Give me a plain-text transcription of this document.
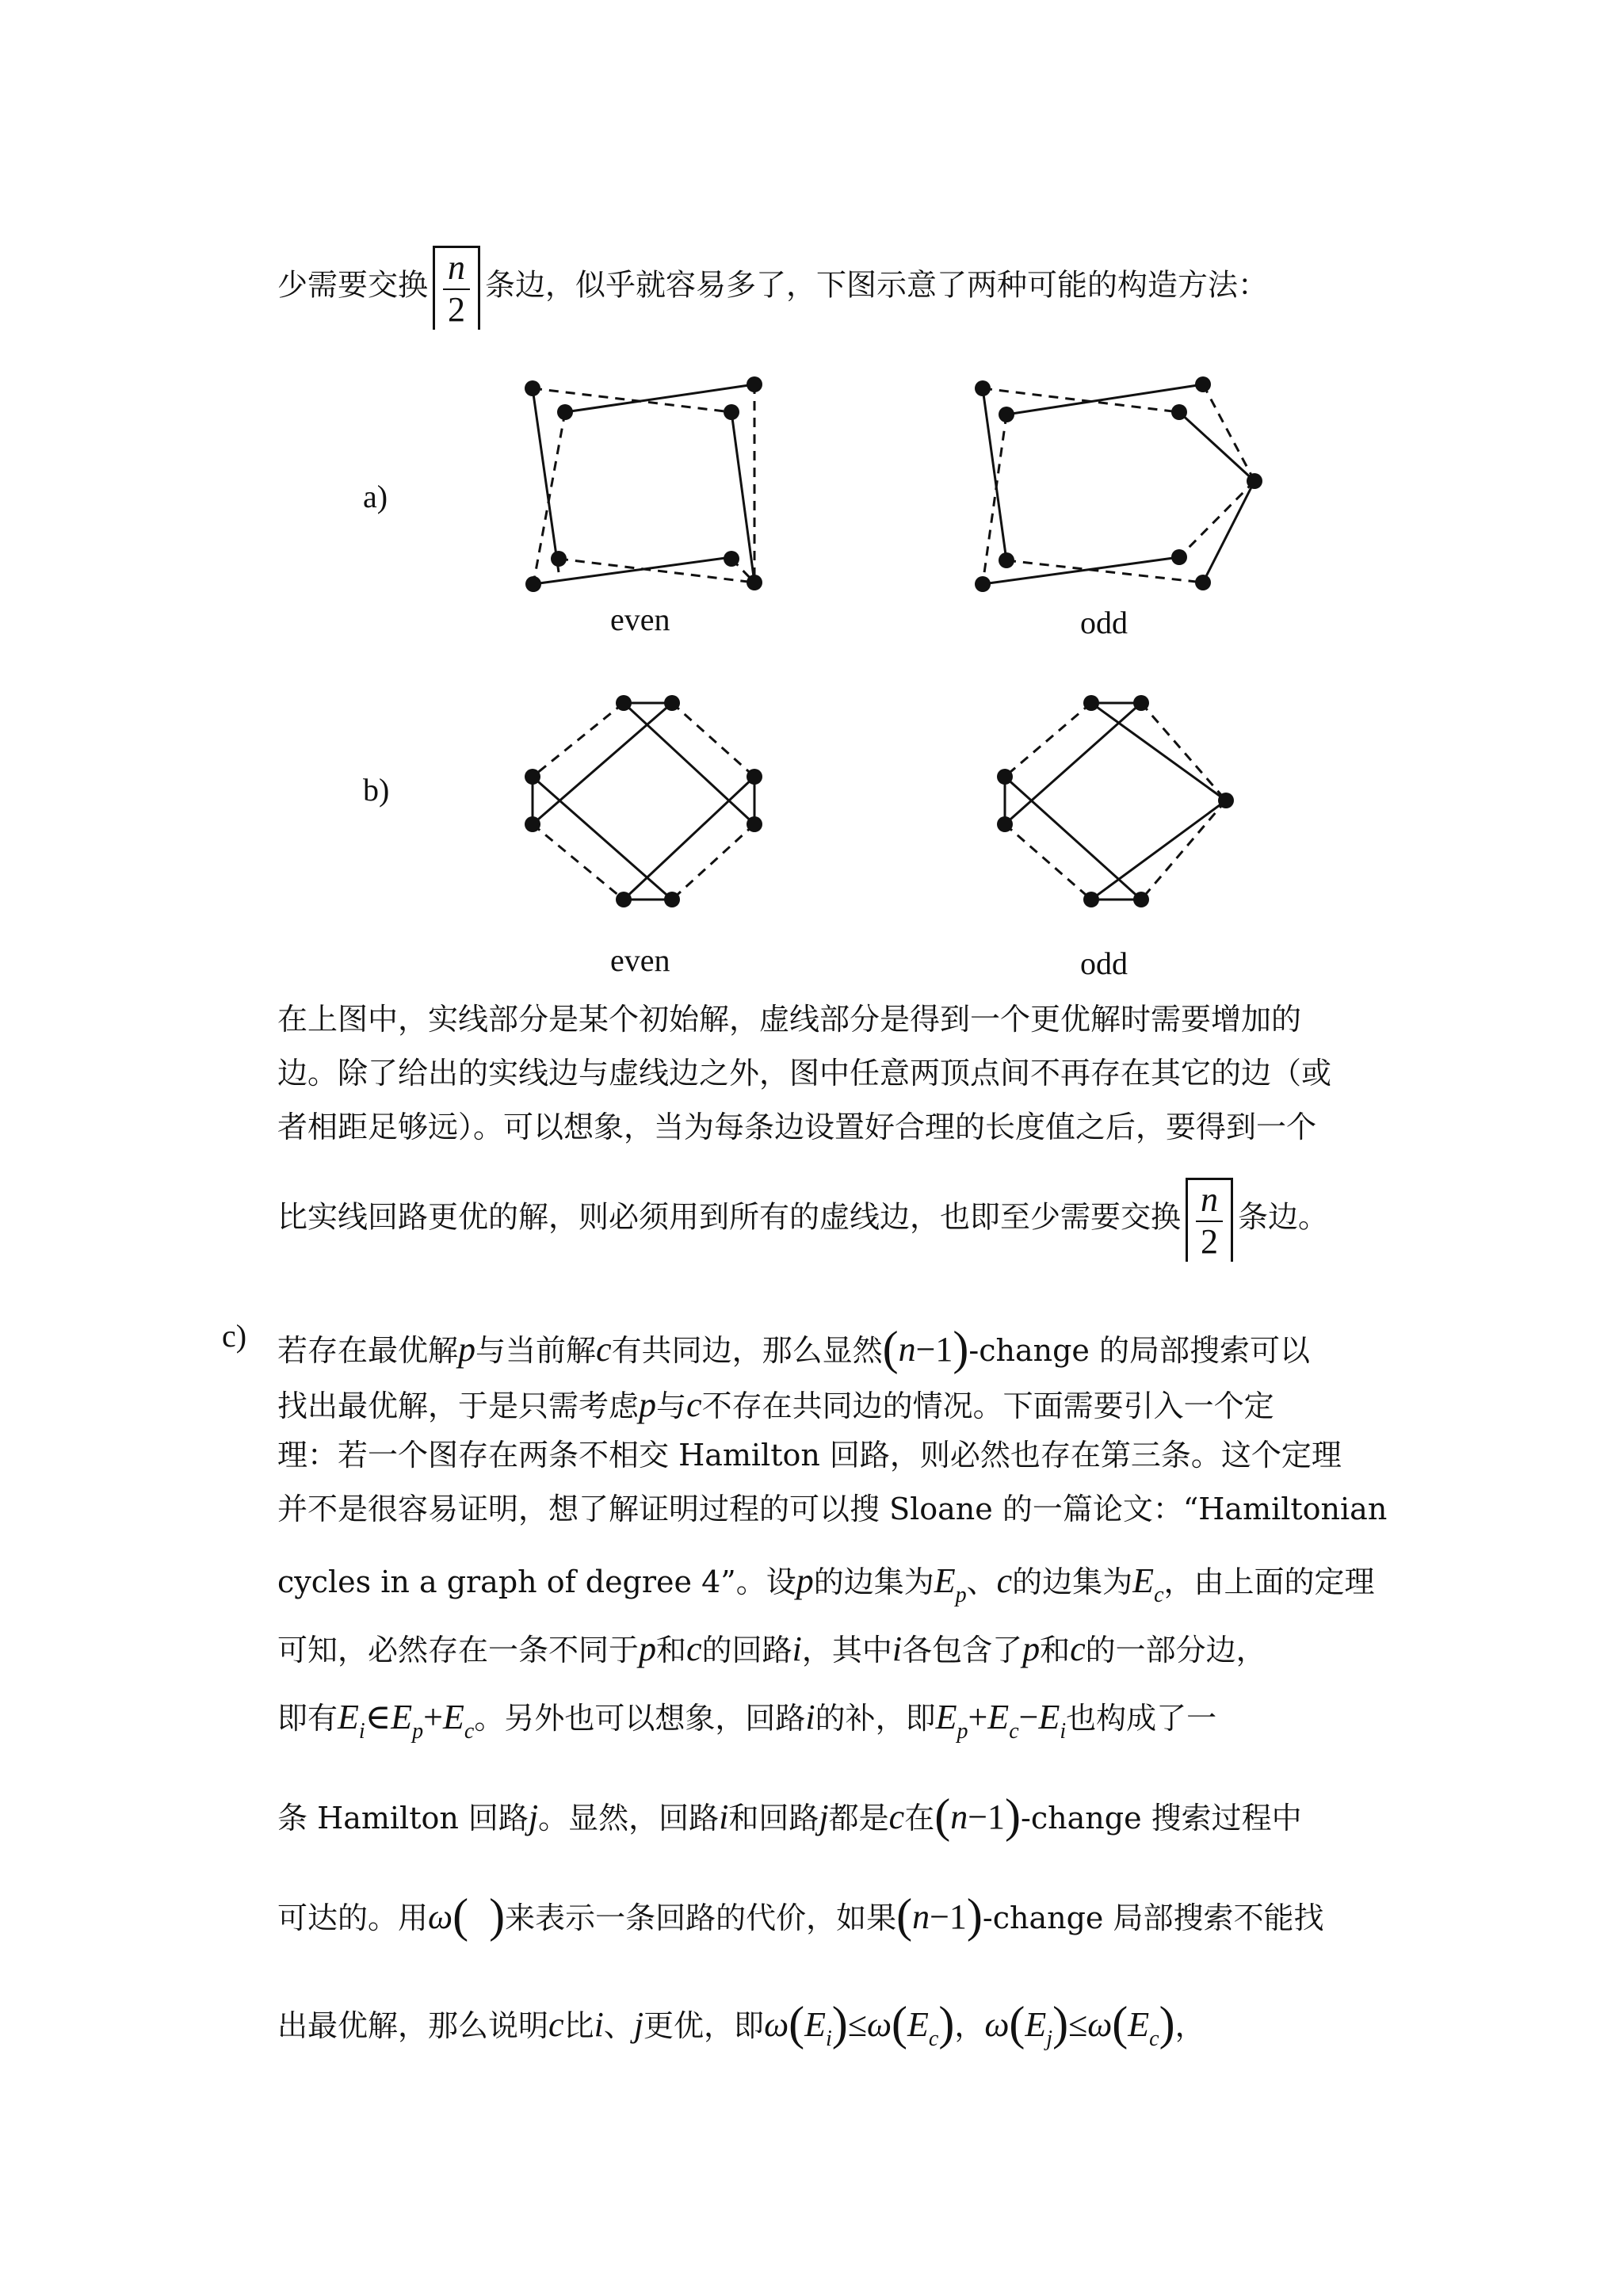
少需要交换 $\frac{n}{2}$ 条边，似乎就容易多了，下图示意了两种可能的构造方法：
a)
even	odd
b)
even	odd
在上图中，实线部分是某个初始解，虚线部分是得到一个更优解时需要增加的
边。除了给出的实线边与虚线边之外，图中任意两顶点间不再存在其它的边（或
者相距足够远）。可以想象，当为每条边设置好合理的长度值之后，要得到一个
比实线回路更优的解，则必须用到所有的虚线边，也即至少需要交换 $\frac{n}{2}$ 条边。
c) 若存在最优解p与当前解c有共同边，那么显然(n−1)-change 的局部搜索可以
找出最优解，于是只需考虑p与c不存在共同边的情况。下面需要引入一个定
理：若一个图存在两条不相交 Hamilton 回路，则必然也存在第三条。这个定理
并不是很容易证明，想了解证明过程的可以搜 Sloane 的一篇论文：“Hamiltonian
cycles in a graph of degree 4”。设p的边集为$E_p$、c的边集为$E_c$，由上面的定理
可知，必然存在一条不同于p和c的回路i，其中i各包含了p和c的一部分边，
即有$E_i\in E_p+E_c$。另外也可以想象，回路i的补，即$E_p+E_c-E_i$也构成了一
条 Hamilton 回路j。显然，回路i和回路j都是c在(n−1)-change 搜索过程中
可达的。用ω( )来表示一条回路的代价，如果(n−1)-change 局部搜索不能找
出最优解，那么说明c比i、j更优，即$\omega(E_i)\le\omega(E_c)$，$\omega(E_j)\le\omega(E_c)$，
